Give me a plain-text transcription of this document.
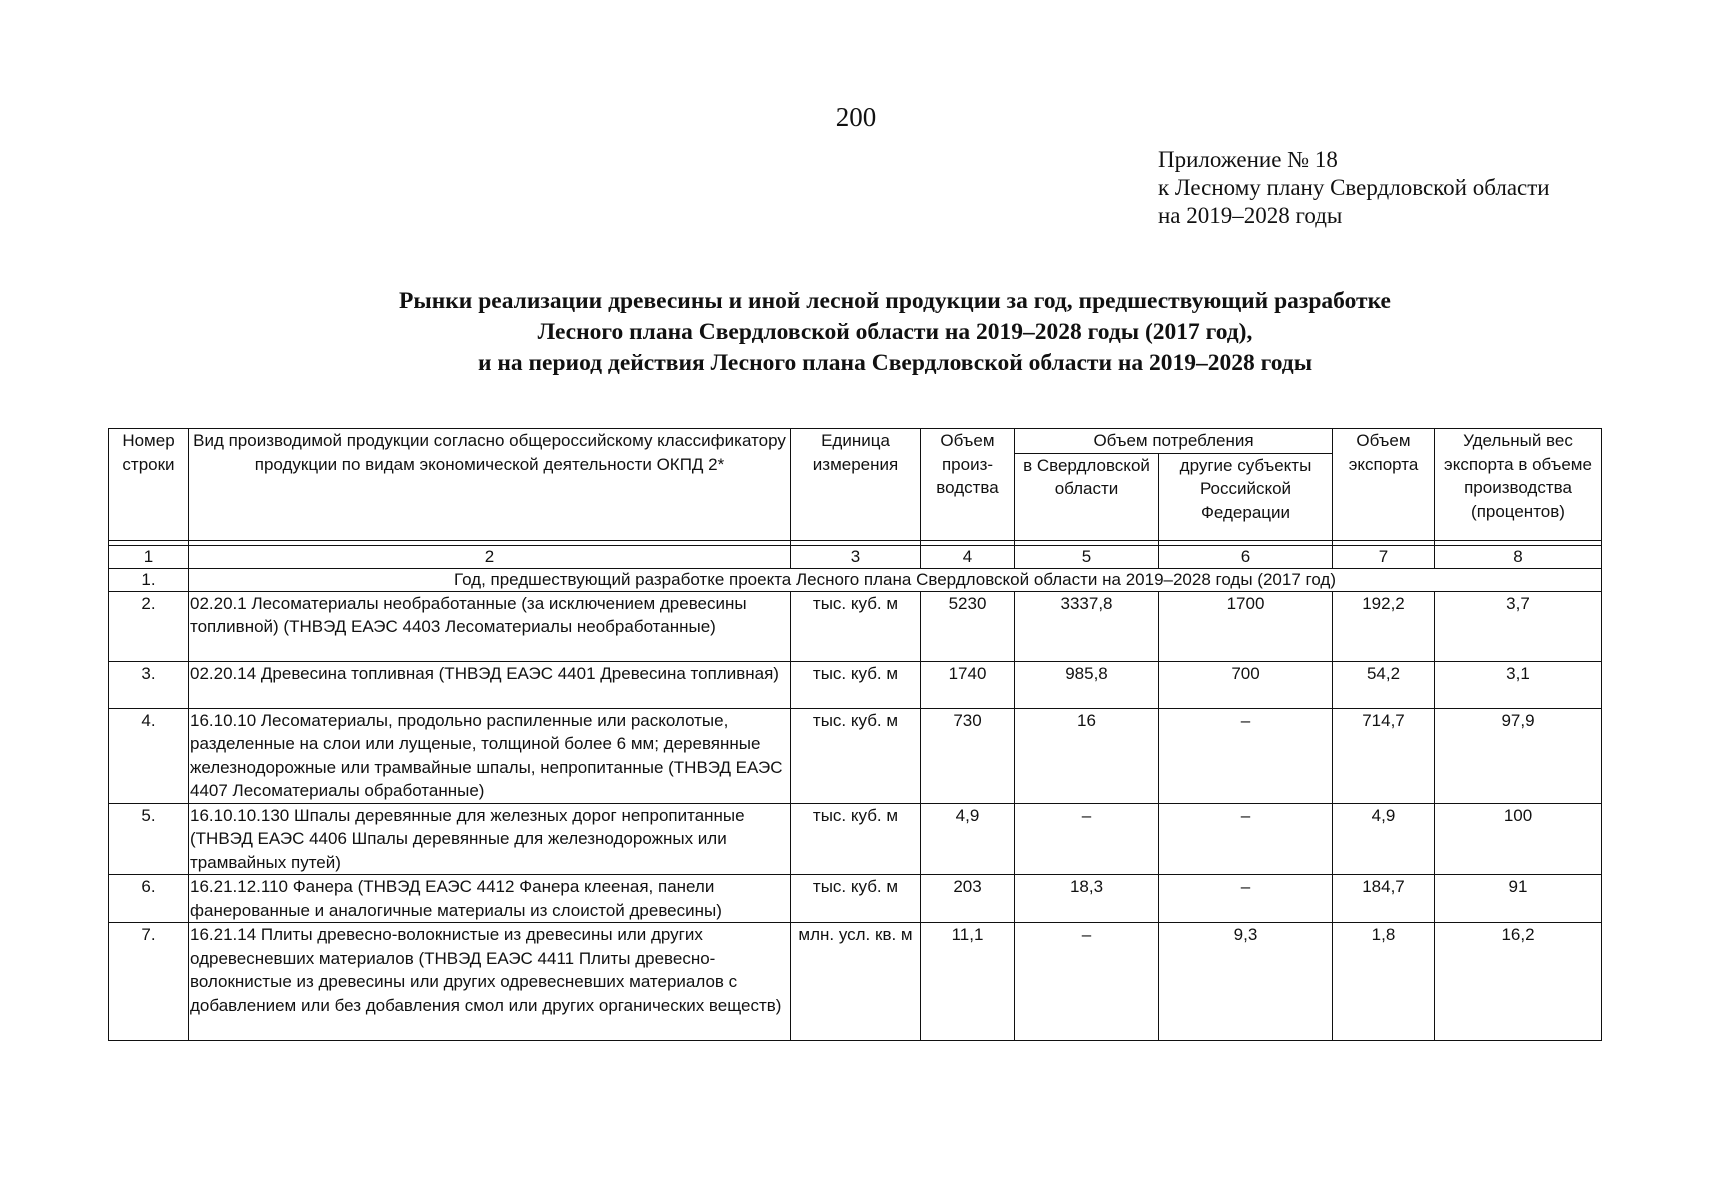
200
Приложение № 18
к Лесному плану Свердловской области
на 2019–2028 годы
Рынки реализации древесины и иной лесной продукции за год, предшествующий разработке
Лесного плана Свердловской области на 2019–2028 годы (2017 год),
и на период действия Лесного плана Свердловской области на 2019–2028 годы
Номер строки	Вид производимой продукции согласно общероссийскому классификатору продукции по видам экономической деятельности ОКПД 2*	Единица измерения	Объем произ-водства	Объем потребления		Объем экспорта	Удельный вес экспорта в объеме производства (процентов)
				в Свердловской области	другие субъекты Российской Федерации		

1	2	3	4	5	6	7	8
1.	Год, предшествующий разработке проекта Лесного плана Свердловской области на 2019–2028 годы (2017 год)						
2.	02.20.1 Лесоматериалы необработанные (за исключением древесины топливной) (ТНВЭД ЕАЭС 4403 Лесоматериалы необработанные)	тыс. куб. м	5230	3337,8	1700	192,2	3,7
3.	02.20.14 Древесина топливная (ТНВЭД ЕАЭС 4401 Древесина топливная)	тыс. куб. м	1740	985,8	700	54,2	3,1
4.	16.10.10 Лесоматериалы, продольно распиленные или расколотые, разделенные на слои или лущеные, толщиной более 6 мм; деревянные железнодорожные или трамвайные шпалы, непропитанные (ТНВЭД ЕАЭС 4407 Лесоматериалы обработанные)	тыс. куб. м	730	16	–	714,7	97,9
5.	16.10.10.130 Шпалы деревянные для железных дорог непропитанные (ТНВЭД ЕАЭС 4406 Шпалы деревянные для железнодорожных или трамвайных путей)	тыс. куб. м	4,9	–	–	4,9	100
6.	16.21.12.110 Фанера (ТНВЭД ЕАЭС 4412 Фанера клееная, панели фанерованные и аналогичные материалы из слоистой древесины)	тыс. куб. м	203	18,3	–	184,7	91
7.	16.21.14 Плиты древесно-волокнистые из древесины или других одревесневших материалов (ТНВЭД ЕАЭС 4411 Плиты древесно-волокнистые из древесины или других одревесневших материалов с добавлением или без добавления смол или других органических веществ)	млн. усл. кв. м	11,1	–	9,3	1,8	16,2
